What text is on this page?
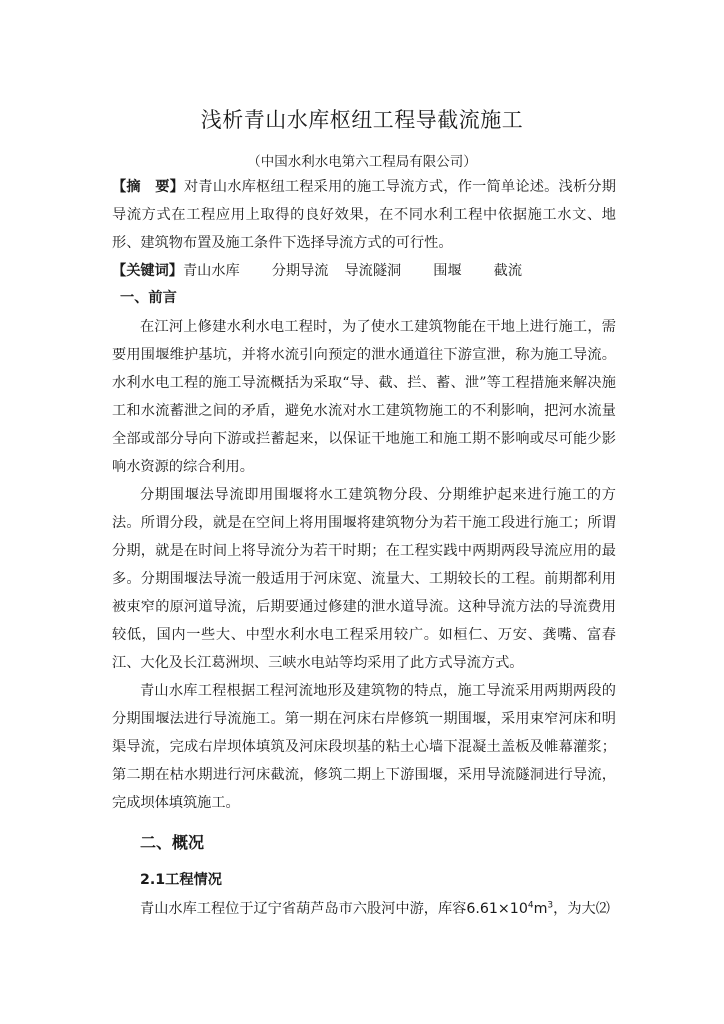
浅析青山水库枢纽工程导截流施工

（中国水利水电第六工程局有限公司）

【摘　要】对青山水库枢纽工程采用的施工导流方式，作一简单论述。浅析分期导流方式在工程应用上取得的良好效果，在不同水利工程中依据施工水文、地形、建筑物布置及施工条件下选择导流方式的可行性。

【关键词】青山水库 分期导流 导流隧洞 围堰 截流

一、前言

在江河上修建水利水电工程时，为了使水工建筑物能在干地上进行施工，需要用围堰维护基坑，并将水流引向预定的泄水通道往下游宣泄，称为施工导流。水利水电工程的施工导流概括为采取“导、截、拦、蓄、泄”等工程措施来解决施工和水流蓄泄之间的矛盾，避免水流对水工建筑物施工的不利影响，把河水流量全部或部分导向下游或拦蓄起来，以保证干地施工和施工期不影响或尽可能少影响水资源的综合利用。

分期围堰法导流即用围堰将水工建筑物分段、分期维护起来进行施工的方法。所谓分段，就是在空间上将用围堰将建筑物分为若干施工段进行施工；所谓分期，就是在时间上将导流分为若干时期；在工程实践中两期两段导流应用的最多。分期围堰法导流一般适用于河床宽、流量大、工期较长的工程。前期都利用被束窄的原河道导流，后期要通过修建的泄水道导流。这种导流方法的导流费用较低，国内一些大、中型水利水电工程采用较广。如桓仁、万安、龚嘴、富春江、大化及长江葛洲坝、三峡水电站等均采用了此方式导流方式。

青山水库工程根据工程河流地形及建筑物的特点，施工导流采用两期两段的分期围堰法进行导流施工。第一期在河床右岸修筑一期围堰，采用束窄河床和明渠导流，完成右岸坝体填筑及河床段坝基的粘土心墙下混凝土盖板及帷幕灌浆；第二期在枯水期进行河床截流，修筑二期上下游围堰，采用导流隧洞进行导流，完成坝体填筑施工。

二、概况
2.1工程情况

青山水库工程位于辽宁省葫芦岛市六股河中游，库容$6.61\times 10^4m^3$，为大⑵
